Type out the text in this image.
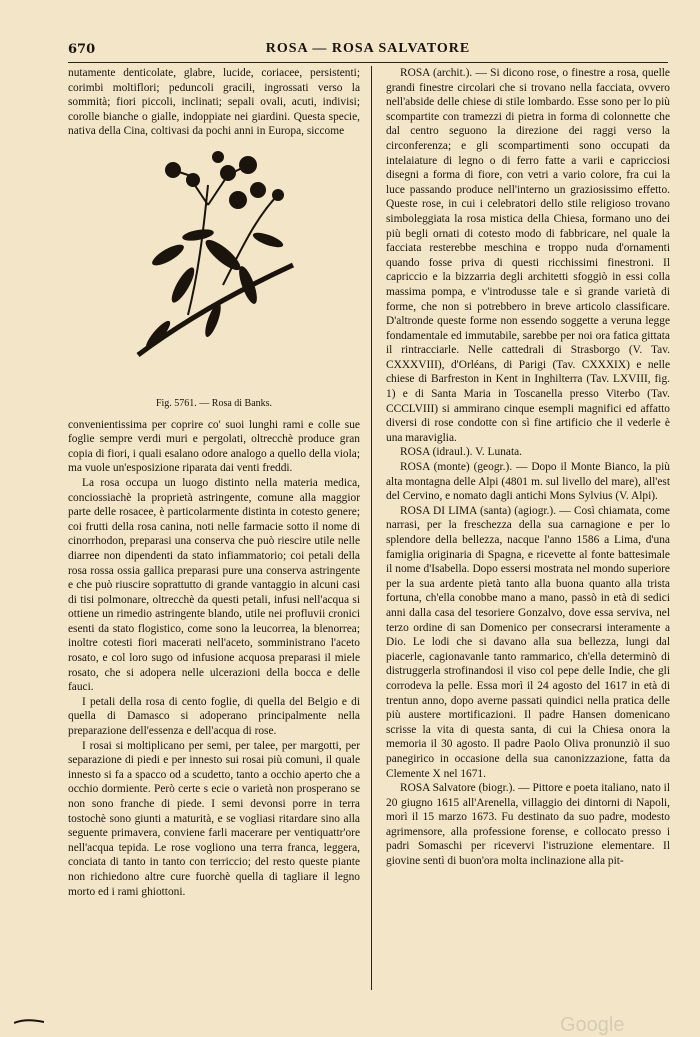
670	ROSA — ROSA SALVATORE

nutamente denticolate, glabre, lucide, coriacee, persistenti; corimbi moltiflori; peduncoli gracili, ingrossati verso la sommità; fiori piccoli, inclinati; sepali ovali, acuti, indivisi; corolle bianche o gialle, indoppiate nei giardini. Questa specie, nativa della Cina, coltivasi da pochi anni in Europa, siccome

Fig. 5761. — Rosa di Banks.

convenientissima per coprire co' suoi lunghi rami e colle sue foglie sempre verdi muri e pergolati, oltrecchè produce gran copia di fiori, i quali esalano odore analogo a quello della viola; ma vuole un'esposizione riparata dai venti freddi.

La rosa occupa un luogo distinto nella materia medica, conciossiachè la proprietà astringente, comune alla maggior parte delle rosacee, è particolarmente distinta in cotesto genere; coi frutti della rosa canina, noti nelle farmacie sotto il nome di cinorrhodon, preparasi una conserva che può riescire utile nelle diarree non dipendenti da stato infiammatorio; coi petali della rosa rossa ossia gallica preparasi pure una conserva astringente e che può riuscire soprattutto di grande vantaggio in alcuni casi di tisi polmonare, oltrecchè da questi petali, infusi nell'acqua si ottiene un rimedio astringente blando, utile nei profluvii cronici esenti da stato flogistico, come sono la leucorrea, la blenorrea; inoltre cotesti fiori macerati nell'aceto, somministrano l'aceto rosato, e col loro sugo od infusione acquosa preparasi il miele rosato, che si adopera nelle ulcerazioni della bocca e delle fauci.

I petali della rosa di cento foglie, di quella del Belgio e di quella di Damasco si adoperano principalmente nella preparazione dell'essenza e dell'acqua di rose.

I rosai si moltiplicano per semi, per talee, per margotti, per separazione di piedi e per innesto sui rosai più comuni, il quale innesto si fa a spacco od a scudetto, tanto a occhio aperto che a occhio dormiente. Però certe s ecie o varietà non prosperano se non sono franche di piede. I semi devonsi porre in terra tostochè sono giunti a maturità, e se vogliasi ritardare sino alla seguente primavera, conviene farli macerare per ventiquattr'ore nell'acqua tepida. Le rose vogliono una terra franca, leggera, conciata di tanto in tanto con terriccio; del resto queste piante non richiedono altre cure fuorchè quella di tagliare il legno morto ed i rami ghiottoni.

ROSA (archit.). — Si dicono rose, o finestre a rosa, quelle grandi finestre circolari che si trovano nella facciata, ovvero nell'abside delle chiese di stile lombardo. Esse sono per lo più scompartite con tramezzi di pietra in forma di colonnette che dal centro seguono la direzione dei raggi verso la circonferenza; e gli scompartimenti sono occupati da intelaiature di legno o di ferro fatte a varii e capricciosi disegni a forma di fiore, con vetri a vario colore, fra cui la luce passando produce nell'interno un graziosissimo effetto. Queste rose, in cui i celebratori dello stile religioso trovano simboleggiata la rosa mistica della Chiesa, formano uno dei più begli ornati di cotesto modo di fabbricare, nel quale la facciata resterebbe meschina e troppo nuda d'ornamenti quando fosse priva di questi ricchissimi finestroni. Il capriccio e la bizzarria degli architetti sfoggiò in essi colla massima pompa, e v'introdusse tale e sì grande varietà di forme, che non si potrebbero in breve articolo classificare. D'altronde queste forme non essendo soggette a veruna legge fondamentale ed immutabile, sarebbe per noi ora fatica gittata il rintracciarle. Nelle cattedrali di Strasborgo (V. Tav. CXXXVIII), d'Orléans, di Parigi (Tav. CXXXIX) e nelle chiese di Barfreston in Kent in Inghilterra (Tav. LXVIII, fig. 1) e di Santa Maria in Toscanella presso Viterbo (Tav. CCCLVIII) si ammirano cinque esempli magnifici ed affatto diversi di rose condotte con sì fine artificio che il vederle è una maraviglia.

ROSA (idraul.). V. Lunata.

ROSA (monte) (geogr.). — Dopo il Monte Bianco, la più alta montagna delle Alpi (4801 m. sul livello del mare), all'est del Cervino, e nomato dagli antichi Mons Sylvius (V. Alpi).

ROSA DI LIMA (santa) (agiogr.). — Così chiamata, come narrasi, per la freschezza della sua carnagione e per lo splendore della bellezza, nacque l'anno 1586 a Lima, d'una famiglia originaria di Spagna, e ricevette al fonte battesimale il nome d'Isabella. Dopo essersi mostrata nel mondo superiore per la sua ardente pietà tanto alla buona quanto alla trista fortuna, ch'ella conobbe mano a mano, passò in età di sedici anni dalla casa del tesoriere Gonzalvo, dove essa serviva, nel terzo ordine di san Domenico per consecrarsi interamente a Dio. Le lodi che si davano alla sua bellezza, lungi dal piacerle, cagionavanle tanto rammarico, ch'ella determinò di distruggerla strofinandosi il viso col pepe delle Indie, che gli corrodeva la pelle. Essa morì il 24 agosto del 1617 in età di trentun anno, dopo averne passati quindici nella pratica delle più austere mortificazioni. Il padre Hansen domenicano scrisse la vita di questa santa, di cui la Chiesa onora la memoria il 30 agosto. Il padre Paolo Oliva pronunziò il suo panegirico in occasione della sua canonizzazione, fatta da Clemente X nel 1671.

ROSA Salvatore (biogr.). — Pittore e poeta italiano, nato il 20 giugno 1615 all'Arenella, villaggio dei dintorni di Napoli, morì il 15 marzo 1673. Fu destinato da suo padre, modesto agrimensore, alla professione forense, e collocato presso i padri Somaschi per ricevervi l'istruzione elementare. Il giovine sentì di buon'ora molta inclinazione alla pit-

Google
